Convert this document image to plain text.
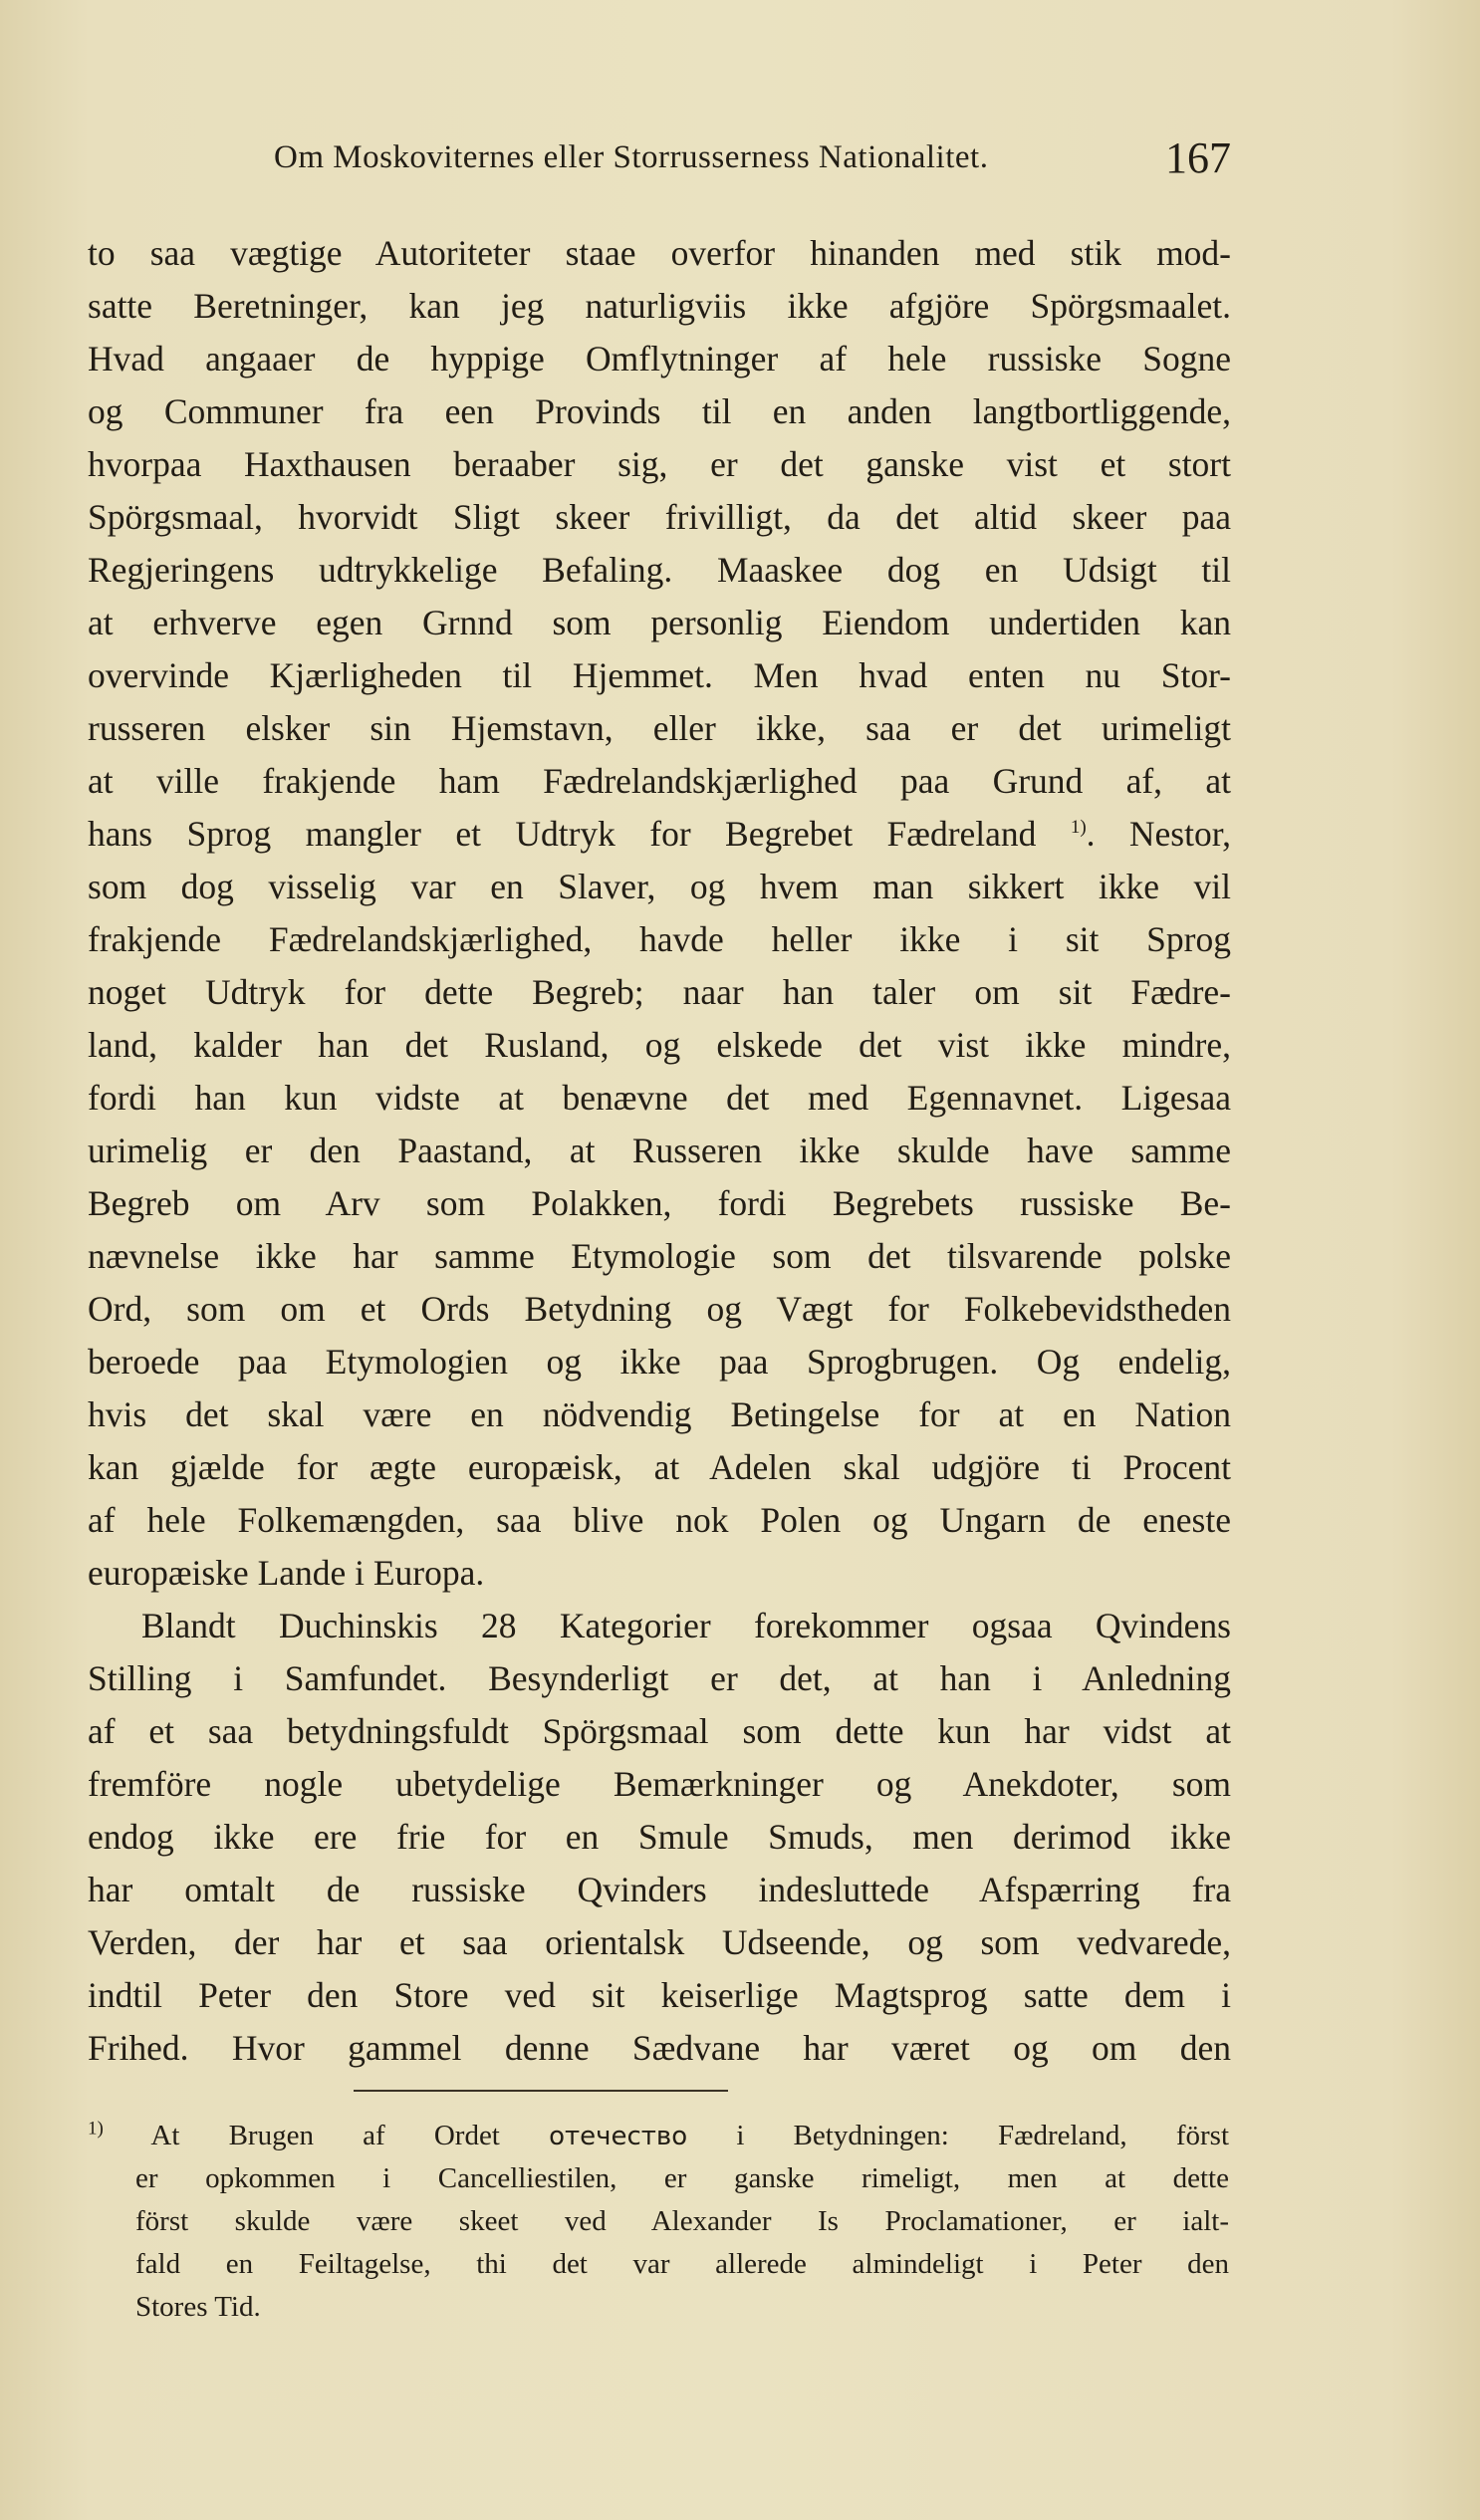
Om Moskoviternes eller Storrusserness Nationalitet.	167
to saa vægtige Autoriteter staae overfor hinanden med stik mod-
satte Beretninger, kan jeg naturligviis ikke afgjöre Spörgsmaalet.
Hvad angaaer de hyppige Omflytninger af hele russiske Sogne
og Communer fra een Provinds til en anden langtbortliggende,
hvorpaa Haxthausen beraaber sig, er det ganske vist et stort
Spörgsmaal, hvorvidt Sligt skeer frivilligt, da det altid skeer paa
Regjeringens udtrykkelige Befaling. Maaskee dog en Udsigt til
at erhverve egen Grnnd som personlig Eiendom undertiden kan
overvinde Kjærligheden til Hjemmet. Men hvad enten nu Stor-
russeren elsker sin Hjemstavn, eller ikke, saa er det urimeligt
at ville frakjende ham Fædrelandskjærlighed paa Grund af, at
hans Sprog mangler et Udtryk for Begrebet Fædreland $^{1)}$. Nestor,
som dog visselig var en Slaver, og hvem man sikkert ikke vil
frakjende Fædrelandskjærlighed, havde heller ikke i sit Sprog
noget Udtryk for dette Begreb; naar han taler om sit Fædre-
land, kalder han det Rusland, og elskede det vist ikke mindre,
fordi han kun vidste at benævne det med Egennavnet. Ligesaa
urimelig er den Paastand, at Russeren ikke skulde have samme
Begreb om Arv som Polakken, fordi Begrebets russiske Be-
nævnelse ikke har samme Etymologie som det tilsvarende polske
Ord, som om et Ords Betydning og Vægt for Folkebevidstheden
beroede paa Etymologien og ikke paa Sprogbrugen. Og endelig,
hvis det skal være en nödvendig Betingelse for at en Nation
kan gjælde for ægte europæisk, at Adelen skal udgjöre ti Procent
af hele Folkemængden, saa blive nok Polen og Ungarn de eneste
europæiske Lande i Europa.
Blandt Duchinskis 28 Kategorier forekommer ogsaa Qvindens
Stilling i Samfundet. Besynderligt er det, at han i Anledning
af et saa betydningsfuldt Spörgsmaal som dette kun har vidst at
fremföre nogle ubetydelige Bemærkninger og Anekdoter, som
endog ikke ere frie for en Smule Smuds, men derimod ikke
har omtalt de russiske Qvinders indesluttede Afspærring fra
Verden, der har et saa orientalsk Udseende, og som vedvarede,
indtil Peter den Store ved sit keiserlige Magtsprog satte dem i
Frihed. Hvor gammel denne Sædvane har været og om den
$^{1)}$ At Brugen af Ordet отечество i Betydningen: Fædreland, först
er opkommen i Cancelliestilen, er ganske rimeligt, men at dette
först skulde være skeet ved Alexander Is Proclamationer, er ialt-
fald en Feiltagelse, thi det var allerede almindeligt i Peter den
Stores Tid.
